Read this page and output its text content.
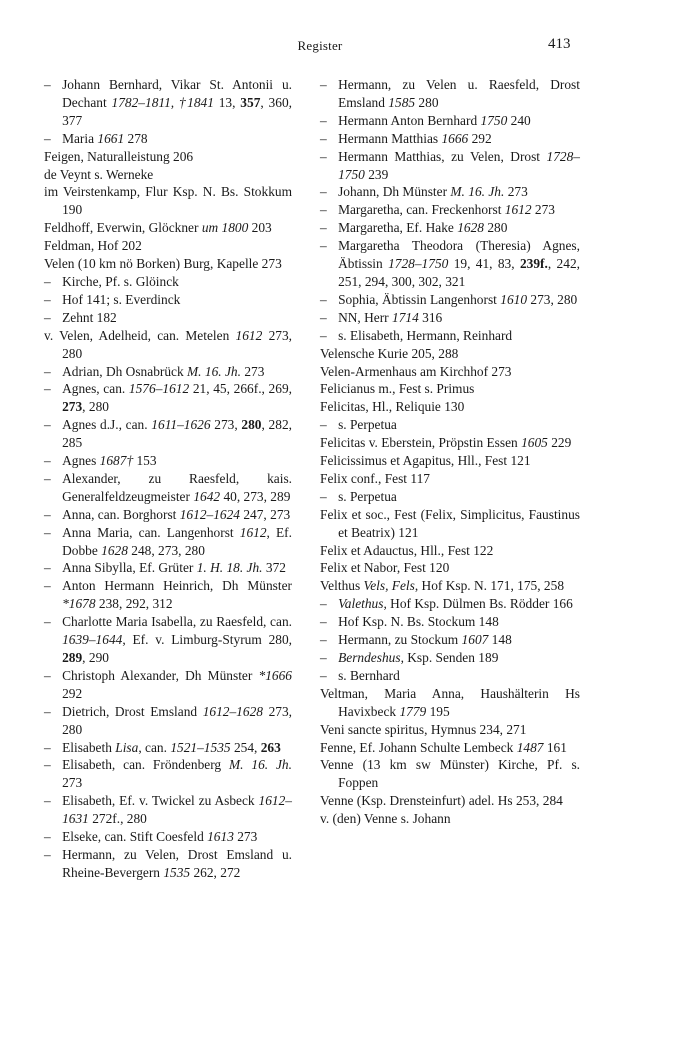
Register	413

– Johann Bernhard, Vikar St. Antonii u. Dechant 1782–1811, †1841 13, 357, 360, 377

– Maria 1661 278

Feigen, Naturalleistung 206

de Veynt s. Werneke

im Veirstenkamp, Flur Ksp. N. Bs. Stokkum 190

Feldhoff, Everwin, Glöckner um 1800 203

Feldman, Hof 202

Velen (10 km nö Borken) Burg, Kapelle 273

– Kirche, Pf. s. Glöinck

– Hof 141; s. Everdinck

– Zehnt 182

v. Velen, Adelheid, can. Metelen 1612 273, 280

– Adrian, Dh Osnabrück M. 16. Jh. 273

– Agnes, can. 1576–1612 21, 45, 266f., 269, 273, 280

– Agnes d.J., can. 1611–1626 273, 280, 282, 285

– Agnes 1687† 153

– Alexander, zu Raesfeld, kais. Generalfeldzeugmeister 1642 40, 273, 289

– Anna, can. Borghorst 1612–1624 247, 273

– Anna Maria, can. Langenhorst 1612, Ef. Dobbe 1628 248, 273, 280

– Anna Sibylla, Ef. Grüter 1. H. 18. Jh. 372

– Anton Hermann Heinrich, Dh Münster *1678 238, 292, 312

– Charlotte Maria Isabella, zu Raesfeld, can. 1639–1644, Ef. v. Limburg-Styrum 280, 289, 290

– Christoph Alexander, Dh Münster *1666 292

– Dietrich, Drost Emsland 1612–1628 273, 280

– Elisabeth Lisa, can. 1521–1535 254, 263

– Elisabeth, can. Fröndenberg M. 16. Jh. 273

– Elisabeth, Ef. v. Twickel zu Asbeck 1612–1631 272f., 280

– Elseke, can. Stift Coesfeld 1613 273

– Hermann, zu Velen, Drost Emsland u. Rheine-Bevergern 1535 262, 272

– Hermann, zu Velen u. Raesfeld, Drost Emsland 1585 280

– Hermann Anton Bernhard 1750 240

– Hermann Matthias 1666 292

– Hermann Matthias, zu Velen, Drost 1728–1750 239

– Johann, Dh Münster M. 16. Jh. 273

– Margaretha, can. Freckenhorst 1612 273

– Margaretha, Ef. Hake 1628 280

– Margaretha Theodora (Theresia) Agnes, Äbtissin 1728–1750 19, 41, 83, 239f., 242, 251, 294, 300, 302, 321

– Sophia, Äbtissin Langenhorst 1610 273, 280

– NN, Herr 1714 316

– s. Elisabeth, Hermann, Reinhard

Velensche Kurie 205, 288

Velen-Armenhaus am Kirchhof 273

Felicianus m., Fest s. Primus

Felicitas, Hl., Reliquie 130

– s. Perpetua

Felicitas v. Eberstein, Pröpstin Essen 1605 229

Felicissimus et Agapitus, Hll., Fest 121

Felix conf., Fest 117

– s. Perpetua

Felix et soc., Fest (Felix, Simplicitus, Faustinus et Beatrix) 121

Felix et Adauctus, Hll., Fest 122

Felix et Nabor, Fest 120

Velthus Vels, Fels, Hof Ksp. N. 171, 175, 258

– Valethus, Hof Ksp. Dülmen Bs. Rödder 166

– Hof Ksp. N. Bs. Stockum 148

– Hermann, zu Stockum 1607 148

– Berndeshus, Ksp. Senden 189

– s. Bernhard

Veltman, Maria Anna, Haushälterin Hs Havixbeck 1779 195

Veni sancte spiritus, Hymnus 234, 271

Fenne, Ef. Johann Schulte Lembeck 1487 161

Venne (13 km sw Münster) Kirche, Pf. s. Foppen

Venne (Ksp. Drensteinfurt) adel. Hs 253, 284

v. (den) Venne s. Johann
